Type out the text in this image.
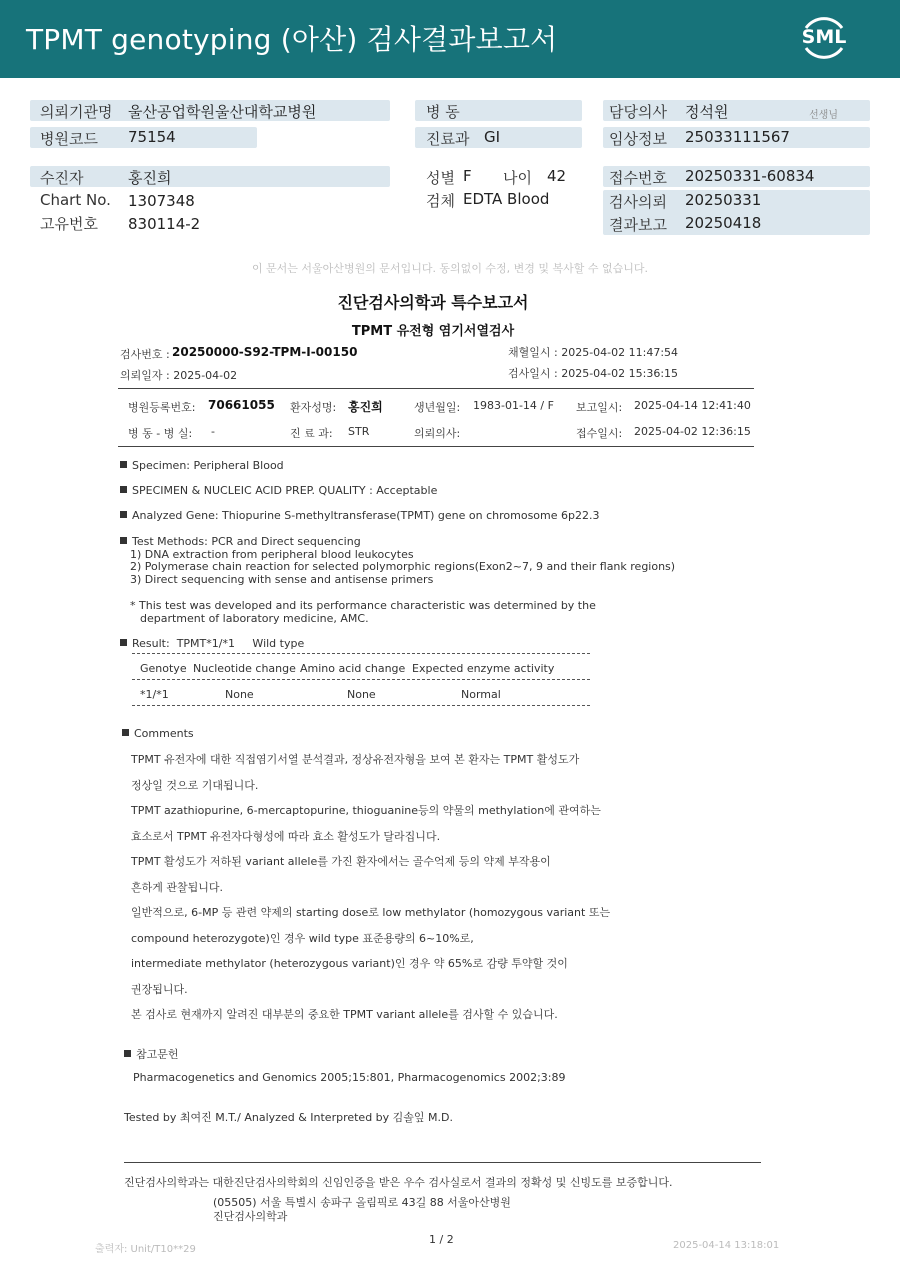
TPMT genotyping (아산) 검사결과보고서	SML
의뢰기관명 울산공업학원울산대학교병원
병원코드 75154
병 동
진료과 GI
담당의사 정석원	선생님
임상정보 25033111567
수진자	홍진희
Chart No. 1307348
고유번호 830114-2
성별 F 나이 42
검체 EDTA Blood
접수번호 20250331-60834
검사의뢰 20250331
결과보고 20250418
이 문서는 서울아산병원의 문서입니다. 동의없이 수정, 변경 및 복사할 수 없습니다.
진단검사의학과 특수보고서
TPMT 유전형 염기서열검사
검사번호 : 20250000-S92-TPM-I-00150
의뢰일자 : 2025-04-02
채혈일시 : 2025-04-02 11:47:54
검사일시 : 2025-04-02 15:36:15
병원등록번호: 70661055 환자성명: 홍진희	생년월일: 1983-01-14 / F 보고일시: 2025-04-14 12:41:40
병 동 - 병 실: -	진 료 과: STR	의뢰의사:	접수일시: 2025-04-02 12:36:15
Specimen: Peripheral Blood
SPECIMEN & NUCLEIC ACID PREP. QUALITY : Acceptable
Analyzed Gene: Thiopurine S-methyltransferase(TPMT) gene on chromosome 6p22.3
Test Methods: PCR and Direct sequencing
1) DNA extraction from peripheral blood leukocytes
2) Polymerase chain reaction for selected polymorphic regions(Exon2~7, 9 and their flank regions)
3) Direct sequencing with sense and antisense primers
* This test was developed and its performance characteristic was determined by the
department of laboratory medicine, AMC.
Result:  TPMT*1/*1     Wild type
Genotye Nucleotide change Amino acid change Expected enzyme activity
*1/*1	None	None	Normal
Comments
TPMT 유전자에 대한 직접염기서열 분석결과, 정상유전자형을 보여 본 환자는 TPMT 활성도가
정상일 것으로 기대됩니다.
TPMT azathiopurine, 6-mercaptopurine, thioguanine등의 약물의 methylation에 관여하는
효소로서 TPMT 유전자다형성에 따라 효소 활성도가 달라집니다.
TPMT 활성도가 저하된 variant allele를 가진 환자에서는 골수억제 등의 약제 부작용이
흔하게 관찰됩니다.
일반적으로, 6-MP 등 관련 약제의 starting dose로 low methylator (homozygous variant 또는
compound heterozygote)인 경우 wild type 표준용량의 6~10%로,
intermediate methylator (heterozygous variant)인 경우 약 65%로 감량 투약할 것이
권장됩니다.
본 검사로 현재까지 알려진 대부분의 중요한 TPMT variant allele를 검사할 수 있습니다.
참고문헌
Pharmacogenetics and Genomics 2005;15:801, Pharmacogenomics 2002;3:89
Tested by 최여진 M.T./ Analyzed & Interpreted by 김솔잎 M.D.
진단검사의학과는 대한진단검사의학회의 신임인증을 받은 우수 검사실로서 결과의 정확성 및 신빙도를 보증합니다.
(05505) 서울 특별시 송파구 올림픽로 43길 88 서울아산병원
진단검사의학과
1 / 2
출력자: Unit/T10**29	2025-04-14 13:18:01
